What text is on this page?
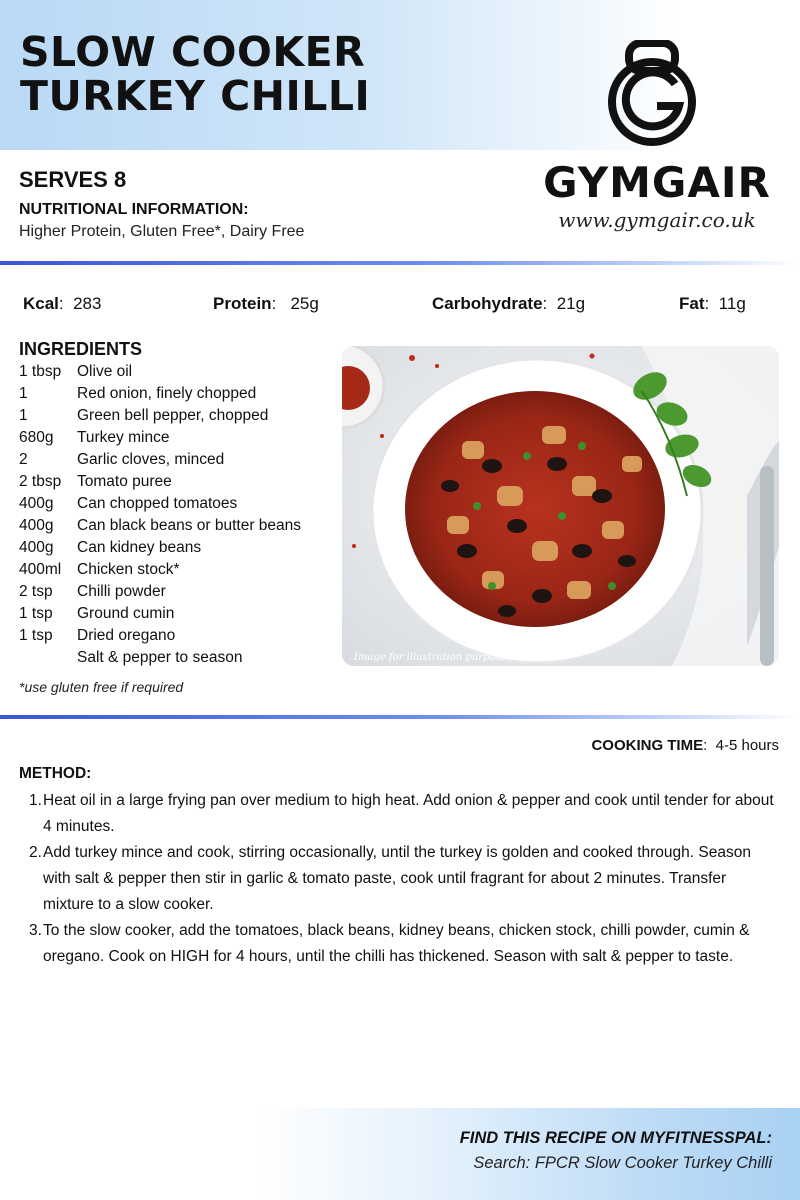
SLOW COOKER TURKEY CHILLI
GYMGAIR
www.gymgair.co.uk
SERVES 8
NUTRITIONAL INFORMATION:
Higher Protein, Gluten Free*, Dairy Free
Kcal:  283	Protein:   25g	Carbohydrate:  21g	Fat:  11g
INGREDIENTS
1 tbsp	Olive oil
1	Red onion, finely chopped
1	Green bell pepper, chopped
680g	Turkey mince
2	Garlic cloves, minced
2 tbsp	Tomato puree
400g	Can chopped tomatoes
400g	Can black beans or butter beans
400g	Can kidney beans
400ml	Chicken stock*
2 tsp	Chilli powder
1 tsp	Ground cumin
1 tsp	Dried oregano
Salt & pepper to season
*use gluten free if required
Image for illustration purposes
COOKING TIME:  4-5 hours
METHOD:
1. Heat oil in a large frying pan over medium to high heat. Add onion & pepper and cook until tender for about 4 minutes.
2. Add turkey mince and cook, stirring occasionally, until the turkey is golden and cooked through. Season with salt & pepper then stir in garlic & tomato paste, cook until fragrant for about 2 minutes. Transfer mixture to a slow cooker.
3. To the slow cooker, add the tomatoes, black beans, kidney beans, chicken stock, chilli powder, cumin & oregano. Cook on HIGH for 4 hours, until the chilli has thickened. Season with salt & pepper to taste.
FIND THIS RECIPE ON MYFITNESSPAL:
Search: FPCR Slow Cooker Turkey Chilli
